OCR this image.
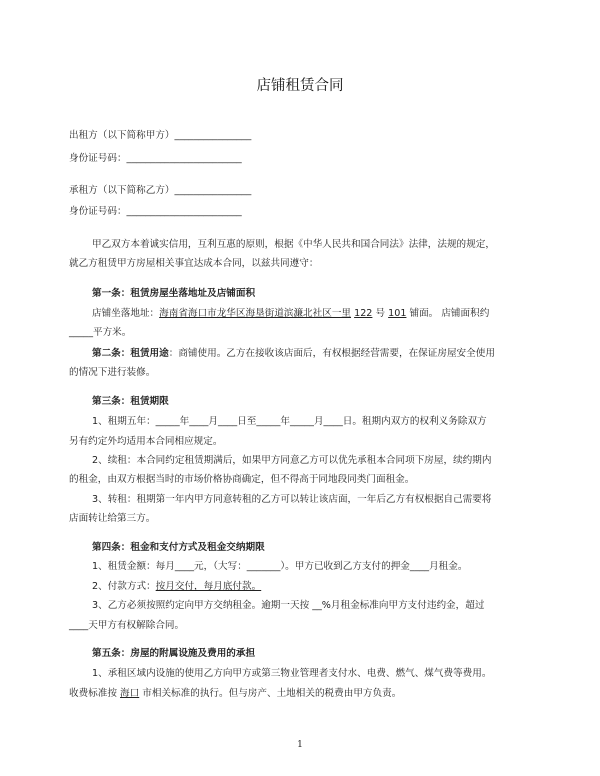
店铺租赁合同
出租方（以下简称甲方）________________
身份证号码：________________________
承租方（以下简称乙方）________________
身份证号码：________________________
甲乙双方本着诚实信用，互利互惠的原则，根据《中华人民共和国合同法》法律，法规的规定，
就乙方租赁甲方房屋相关事宜达成本合同，以兹共同遵守：
第一条：租赁房屋坐落地址及店铺面积
店铺坐落地址：海南省海口市龙华区海垦街道滨濂北社区一里 122 号 101 铺面。 店铺面积约
_____平方米。
第二条：租赁用途：商铺使用。乙方在接收该店面后，有权根据经营需要，在保证房屋安全使用
的情况下进行装修。
第三条：租赁期限
1、租期五年：_____年____月____日至_____年_____月____日。租期内双方的权利义务除双方
另有约定外均适用本合同相应规定。
2、续租：本合同约定租赁期满后，如果甲方同意乙方可以优先承租本合同项下房屋，续约期内
的租金，由双方根据当时的市场价格协商确定，但不得高于同地段同类门面租金。
3、转租：租期第一年内甲方同意转租的乙方可以转让该店面，一年后乙方有权根据自己需要将
店面转让给第三方。
第四条：租金和支付方式及租金交纳期限
1、租赁金额：每月____元，（大写：_______）。甲方已收到乙方支付的押金____月租金。
2、付款方式：按月交付，每月底付款。
3、乙方必须按照约定向甲方交纳租金。逾期一天按 __%月租金标准向甲方支付违约金，超过
____天甲方有权解除合同。
第五条：房屋的附属设施及费用的承担
1、承租区域内设施的使用乙方向甲方或第三物业管理者支付水、电费、燃气、煤气费等费用。
收费标准按 海口 市相关标准的执行。但与房产、土地相关的税费由甲方负责。
1
